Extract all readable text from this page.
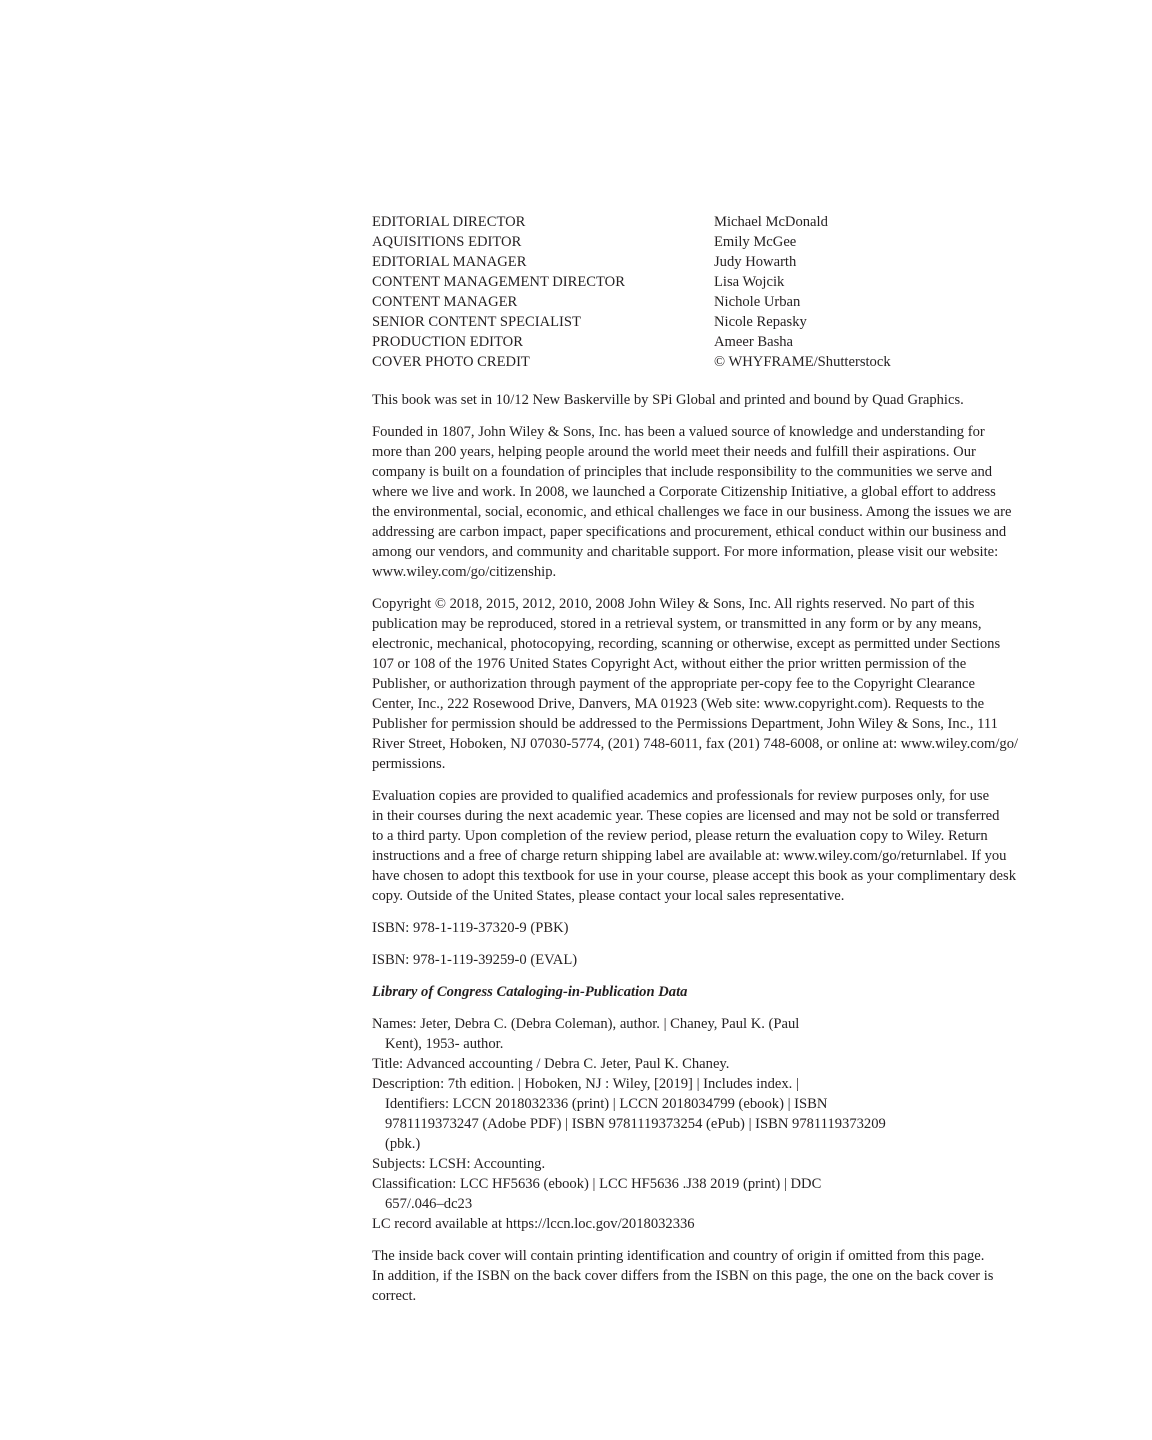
EDITORIAL DIRECTOR	Michael McDonald
AQUISITIONS EDITOR	Emily McGee
EDITORIAL MANAGER	Judy Howarth
CONTENT MANAGEMENT DIRECTOR	Lisa Wojcik
CONTENT MANAGER	Nichole Urban
SENIOR CONTENT SPECIALIST	Nicole Repasky
PRODUCTION EDITOR	Ameer Basha
COVER PHOTO CREDIT	© WHYFRAME/Shutterstock

This book was set in 10/12 New Baskerville by SPi Global and printed and bound by Quad Graphics.

Founded in 1807, John Wiley & Sons, Inc. has been a valued source of knowledge and understanding for
more than 200 years, helping people around the world meet their needs and fulfill their aspirations. Our
company is built on a foundation of principles that include responsibility to the communities we serve and
where we live and work. In 2008, we launched a Corporate Citizenship Initiative, a global effort to address
the environmental, social, economic, and ethical challenges we face in our business. Among the issues we are
addressing are carbon impact, paper specifications and procurement, ethical conduct within our business and
among our vendors, and community and charitable support. For more information, please visit our website:
www.wiley.com/go/citizenship.

Copyright © 2018, 2015, 2012, 2010, 2008 John Wiley & Sons, Inc. All rights reserved. No part of this
publication may be reproduced, stored in a retrieval system, or transmitted in any form or by any means,
electronic, mechanical, photocopying, recording, scanning or otherwise, except as permitted under Sections
107 or 108 of the 1976 United States Copyright Act, without either the prior written permission of the
Publisher, or authorization through payment of the appropriate per-copy fee to the Copyright Clearance
Center, Inc., 222 Rosewood Drive, Danvers, MA 01923 (Web site: www.copyright.com). Requests to the
Publisher for permission should be addressed to the Permissions Department, John Wiley & Sons, Inc., 111
River Street, Hoboken, NJ 07030-5774, (201) 748-6011, fax (201) 748-6008, or online at: www.wiley.com/go/
permissions.

Evaluation copies are provided to qualified academics and professionals for review purposes only, for use
in their courses during the next academic year. These copies are licensed and may not be sold or transferred
to a third party. Upon completion of the review period, please return the evaluation copy to Wiley. Return
instructions and a free of charge return shipping label are available at: www.wiley.com/go/returnlabel. If you
have chosen to adopt this textbook for use in your course, please accept this book as your complimentary desk
copy. Outside of the United States, please contact your local sales representative.

ISBN: 978-1-119-37320-9 (PBK)

ISBN: 978-1-119-39259-0 (EVAL)

Library of Congress Cataloging-in-Publication Data

Names: Jeter, Debra C. (Debra Coleman), author. | Chaney, Paul K. (Paul
Kent), 1953- author.
Title: Advanced accounting / Debra C. Jeter, Paul K. Chaney.
Description: 7th edition. | Hoboken, NJ : Wiley, [2019] | Includes index. |
Identifiers: LCCN 2018032336 (print) | LCCN 2018034799 (ebook) | ISBN
9781119373247 (Adobe PDF) | ISBN 9781119373254 (ePub) | ISBN 9781119373209
(pbk.)
Subjects: LCSH: Accounting.
Classification: LCC HF5636 (ebook) | LCC HF5636 .J38 2019 (print) | DDC
657/.046–dc23
LC record available at https://lccn.loc.gov/2018032336

The inside back cover will contain printing identification and country of origin if omitted from this page.
In addition, if the ISBN on the back cover differs from the ISBN on this page, the one on the back cover is
correct.
